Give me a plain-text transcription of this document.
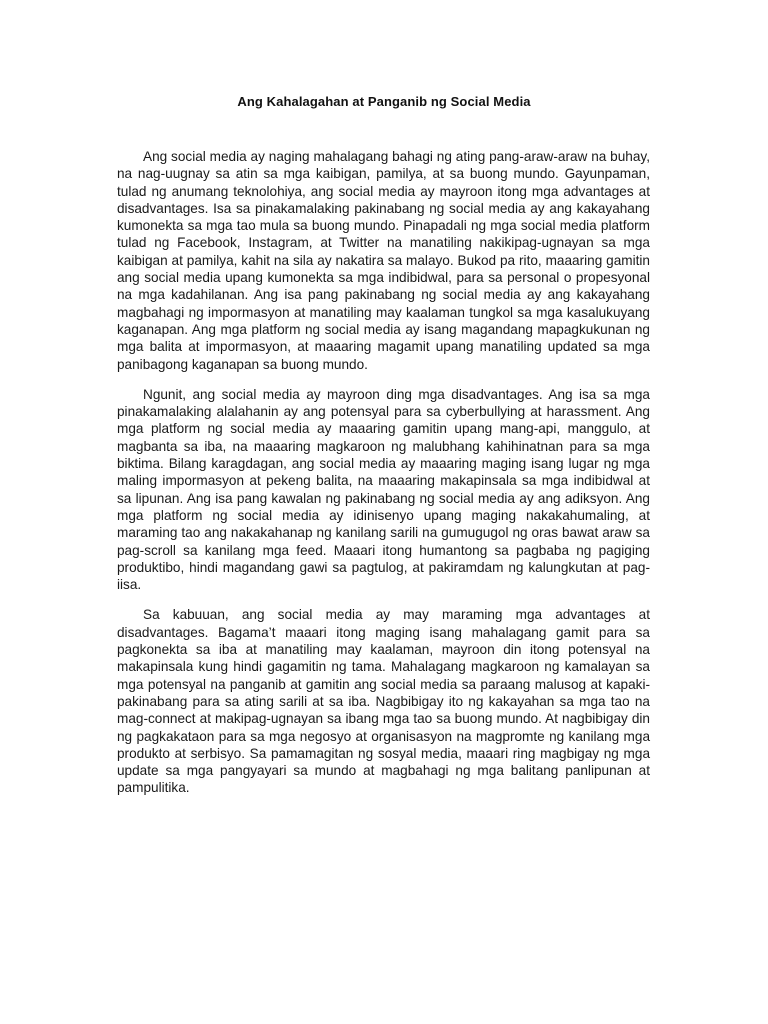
Ang Kahalagahan at Panganib ng Social Media

Ang social media ay naging mahalagang bahagi ng ating pang-araw-araw na buhay, na nag-uugnay sa atin sa mga kaibigan, pamilya, at sa buong mundo. Gayunpaman, tulad ng anumang teknolohiya, ang social media ay mayroon itong mga advantages at disadvantages. Isa sa pinakamalaking pakinabang ng social media ay ang kakayahang kumonekta sa mga tao mula sa buong mundo. Pinapadali ng mga social media platform tulad ng Facebook, Instagram, at Twitter na manatiling nakikipag-ugnayan sa mga kaibigan at pamilya, kahit na sila ay nakatira sa malayo. Bukod pa rito, maaaring gamitin ang social media upang kumonekta sa mga indibidwal, para sa personal o propesyonal na mga kadahilanan. Ang isa pang pakinabang ng social media ay ang kakayahang magbahagi ng impormasyon at manatiling may kaalaman tungkol sa mga kasalukuyang kaganapan. Ang mga platform ng social media ay isang magandang mapagkukunan ng mga balita at impormasyon, at maaaring magamit upang manatiling updated sa mga panibagong kaganapan sa buong mundo.

Ngunit, ang social media ay mayroon ding mga disadvantages. Ang isa sa mga pinakamalaking alalahanin ay ang potensyal para sa cyberbullying at harassment. Ang mga platform ng social media ay maaaring gamitin upang mang-api, manggulo, at magbanta sa iba, na maaaring magkaroon ng malubhang kahihinatnan para sa mga biktima. Bilang karagdagan, ang social media ay maaaring maging isang lugar ng mga maling impormasyon at pekeng balita, na maaaring makapinsala sa mga indibidwal at sa lipunan. Ang isa pang kawalan ng pakinabang ng social media ay ang adiksyon. Ang mga platform ng social media ay idinisenyo upang maging nakakahumaling, at maraming tao ang nakakahanap ng kanilang sarili na gumugugol ng oras bawat araw sa pag-scroll sa kanilang mga feed. Maaari itong humantong sa pagbaba ng pagiging produktibo, hindi magandang gawi sa pagtulog, at pakiramdam ng kalungkutan at pag-iisa.

Sa kabuuan, ang social media ay may maraming mga advantages at disadvantages. Bagama’t maaari itong maging isang mahalagang gamit para sa pagkonekta sa iba at manatiling may kaalaman, mayroon din itong potensyal na makapinsala kung hindi gagamitin ng tama. Mahalagang magkaroon ng kamalayan sa mga potensyal na panganib at gamitin ang social media sa paraang malusog at kapaki-pakinabang para sa ating sarili at sa iba. Nagbibigay ito ng kakayahan sa mga tao na mag-connect at makipag-ugnayan sa ibang mga tao sa buong mundo. At nagbibigay din ng pagkakataon para sa mga negosyo at organisasyon na magpromte ng kanilang mga produkto at serbisyo. Sa pamamagitan ng sosyal media, maaari ring magbigay ng mga update sa mga pangyayari sa mundo at magbahagi ng mga balitang panlipunan at pampulitika.
